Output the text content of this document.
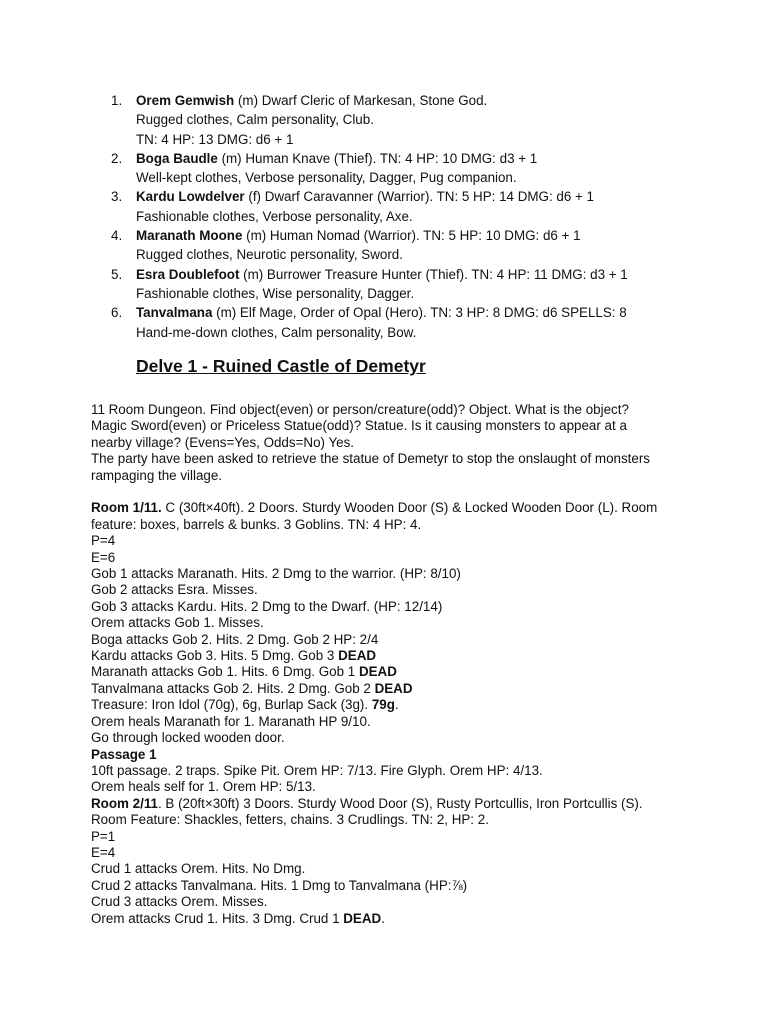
1. Orem Gemwish (m) Dwarf Cleric of Markesan, Stone God.
Rugged clothes, Calm personality, Club.
TN: 4 HP: 13 DMG: d6 + 1
2. Boga Baudle (m) Human Knave (Thief). TN: 4 HP: 10 DMG: d3 + 1
Well-kept clothes, Verbose personality, Dagger, Pug companion.
3. Kardu Lowdelver (f) Dwarf Caravanner (Warrior). TN: 5 HP: 14 DMG: d6 + 1
Fashionable clothes, Verbose personality, Axe.
4. Maranath Moone (m) Human Nomad (Warrior). TN: 5 HP: 10 DMG: d6 + 1
Rugged clothes, Neurotic personality, Sword.
5. Esra Doublefoot (m) Burrower Treasure Hunter (Thief). TN: 4 HP: 11 DMG: d3 + 1
Fashionable clothes, Wise personality, Dagger.
6. Tanvalmana (m) Elf Mage, Order of Opal (Hero). TN: 3 HP: 8 DMG: d6 SPELLS: 8
Hand-me-down clothes, Calm personality, Bow.
Delve 1 - Ruined Castle of Demetyr
11 Room Dungeon. Find object(even) or person/creature(odd)? Object. What is the object?
Magic Sword(even) or Priceless Statue(odd)? Statue. Is it causing monsters to appear at a
nearby village? (Evens=Yes, Odds=No) Yes.
The party have been asked to retrieve the statue of Demetyr to stop the onslaught of monsters
rampaging the village.
Room 1/11. C (30ft×40ft). 2 Doors. Sturdy Wooden Door (S) & Locked Wooden Door (L). Room
feature: boxes, barrels & bunks. 3 Goblins. TN: 4 HP: 4.
P=4
E=6
Gob 1 attacks Maranath. Hits. 2 Dmg to the warrior. (HP: 8/10)
Gob 2 attacks Esra. Misses.
Gob 3 attacks Kardu. Hits. 2 Dmg to the Dwarf. (HP: 12/14)
Orem attacks Gob 1. Misses.
Boga attacks Gob 2. Hits. 2 Dmg. Gob 2 HP: 2/4
Kardu attacks Gob 3. Hits. 5 Dmg. Gob 3 DEAD
Maranath attacks Gob 1. Hits. 6 Dmg. Gob 1 DEAD
Tanvalmana attacks Gob 2. Hits. 2 Dmg. Gob 2 DEAD
Treasure: Iron Idol (70g), 6g, Burlap Sack (3g). 79g.
Orem heals Maranath for 1. Maranath HP 9/10.
Go through locked wooden door.
Passage 1
10ft passage. 2 traps. Spike Pit. Orem HP: 7/13. Fire Glyph. Orem HP: 4/13.
Orem heals self for 1. Orem HP: 5/13.
Room 2/11. B (20ft×30ft) 3 Doors. Sturdy Wood Door (S), Rusty Portcullis, Iron Portcullis (S).
Room Feature: Shackles, fetters, chains. 3 Crudlings. TN: 2, HP: 2.
P=1
E=4
Crud 1 attacks Orem. Hits. No Dmg.
Crud 2 attacks Tanvalmana. Hits. 1 Dmg to Tanvalmana (HP:⅞)
Crud 3 attacks Orem. Misses.
Orem attacks Crud 1. Hits. 3 Dmg. Crud 1 DEAD.
